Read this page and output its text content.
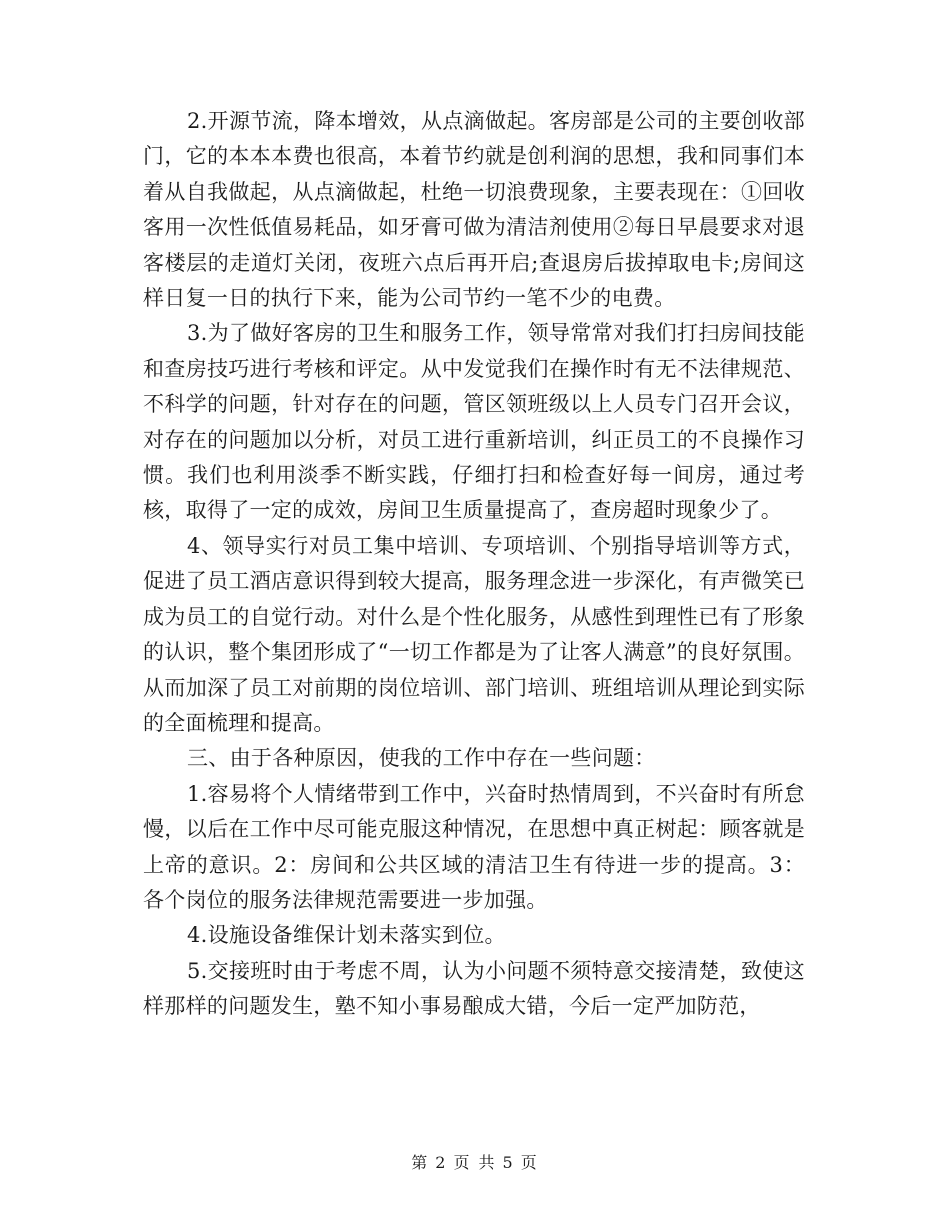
2.开源节流，降本增效，从点滴做起。客房部是公司的主要创收部门，它的本本本费也很高，本着节约就是创利润的思想，我和同事们本着从自我做起，从点滴做起，杜绝一切浪费现象，主要表现在：①回收客用一次性低值易耗品，如牙膏可做为清洁剂使用②每日早晨要求对退客楼层的走道灯关闭，夜班六点后再开启;查退房后拔掉取电卡;房间这样日复一日的执行下来，能为公司节约一笔不少的电费。

3.为了做好客房的卫生和服务工作，领导常常对我们打扫房间技能和查房技巧进行考核和评定。从中发觉我们在操作时有无不法律规范、不科学的问题，针对存在的问题，管区领班级以上人员专门召开会议，对存在的问题加以分析，对员工进行重新培训，纠正员工的不良操作习惯。我们也利用淡季不断实践，仔细打扫和检查好每一间房，通过考核，取得了一定的成效，房间卫生质量提高了，查房超时现象少了。

4、领导实行对员工集中培训、专项培训、个别指导培训等方式，促进了员工酒店意识得到较大提高，服务理念进一步深化，有声微笑已成为员工的自觉行动。对什么是个性化服务，从感性到理性已有了形象的认识，整个集团形成了“一切工作都是为了让客人满意”的良好氛围。从而加深了员工对前期的岗位培训、部门培训、班组培训从理论到实际的全面梳理和提高。

三、由于各种原因，使我的工作中存在一些问题：

1.容易将个人情绪带到工作中，兴奋时热情周到，不兴奋时有所怠慢，以后在工作中尽可能克服这种情况，在思想中真正树起：顾客就是上帝的意识。2：房间和公共区域的清洁卫生有待进一步的提高。3：各个岗位的服务法律规范需要进一步加强。

4.设施设备维保计划未落实到位。

5.交接班时由于考虑不周，认为小问题不须特意交接清楚，致使这样那样的问题发生，塾不知小事易酿成大错，今后一定严加防范，

第 2 页 共 5 页
